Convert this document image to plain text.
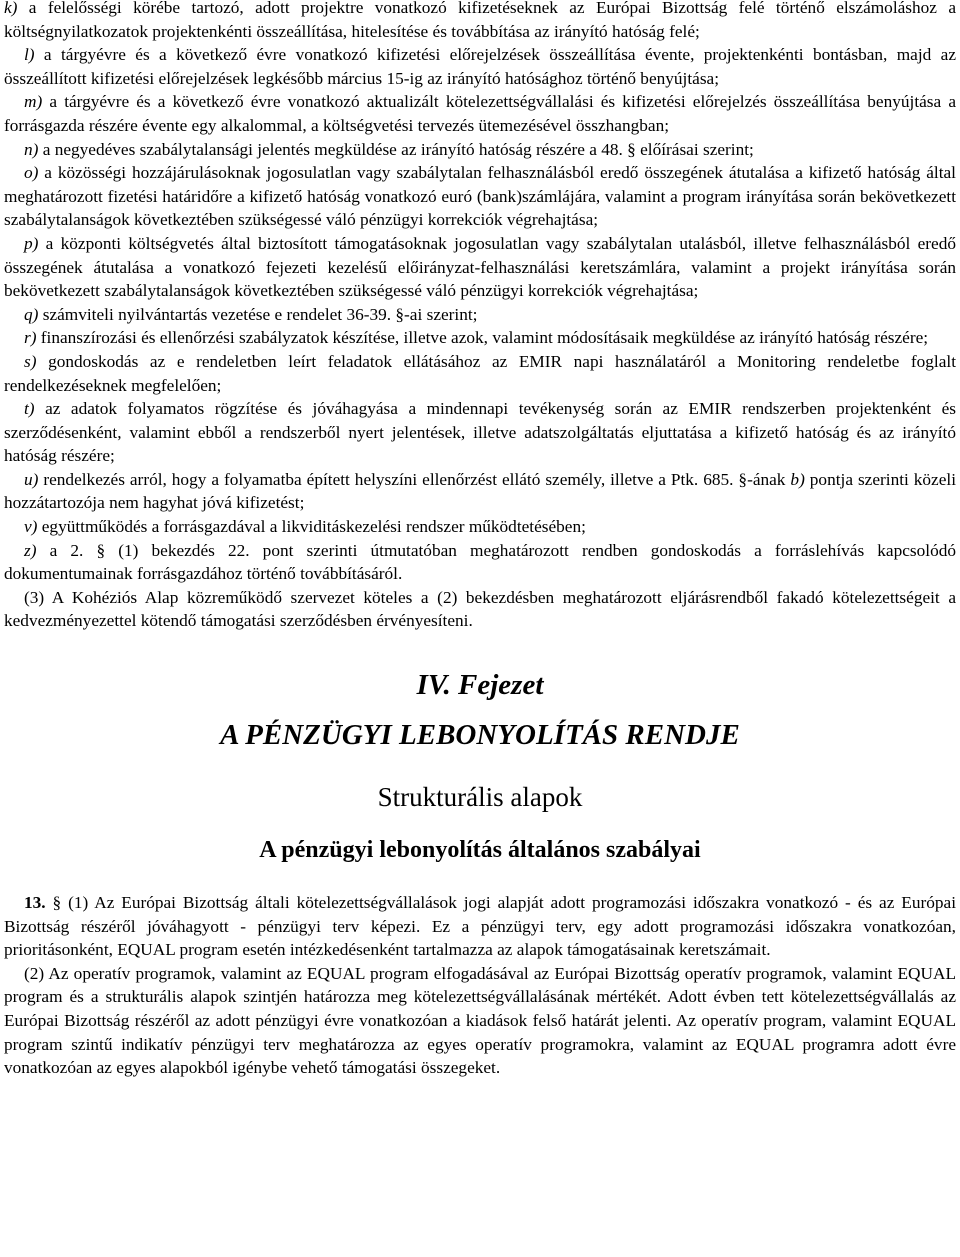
k) a felelősségi körébe tartozó, adott projektre vonatkozó kifizetéseknek az Európai Bizottság felé történő elszámoláshoz a költségnyilatkozatok projektenkénti összeállítása, hitelesítése és továbbítása az irányító hatóság felé;

l) a tárgyévre és a következő évre vonatkozó kifizetési előrejelzések összeállítása évente, projektenkénti bontásban, majd az összeállított kifizetési előrejelzések legkésőbb március 15-ig az irányító hatósághoz történő benyújtása;

m) a tárgyévre és a következő évre vonatkozó aktualizált kötelezettségvállalási és kifizetési előrejelzés összeállítása benyújtása a forrásgazda részére évente egy alkalommal, a költségvetési tervezés ütemezésével összhangban;

n) a negyedéves szabálytalansági jelentés megküldése az irányító hatóság részére a 48. § előírásai szerint;

o) a közösségi hozzájárulásoknak jogosulatlan vagy szabálytalan felhasználásból eredő összegének átutalása a kifizető hatóság által meghatározott fizetési határidőre a kifizető hatóság vonatkozó euró (bank)számlájára, valamint a program irányítása során bekövetkezett szabálytalanságok következtében szükségessé váló pénzügyi korrekciók végrehajtása;

p) a központi költségvetés által biztosított támogatásoknak jogosulatlan vagy szabálytalan utalásból, illetve felhasználásból eredő összegének átutalása a vonatkozó fejezeti kezelésű előirányzat-felhasználási keretszámlára, valamint a projekt irányítása során bekövetkezett szabálytalanságok következtében szükségessé váló pénzügyi korrekciók végrehajtása;

q) számviteli nyilvántartás vezetése e rendelet 36-39. §-ai szerint;

r) finanszírozási és ellenőrzési szabályzatok készítése, illetve azok, valamint módosításaik megküldése az irányító hatóság részére;

s) gondoskodás az e rendeletben leírt feladatok ellátásához az EMIR napi használatáról a Monitoring rendeletbe foglalt rendelkezéseknek megfelelően;

t) az adatok folyamatos rögzítése és jóváhagyása a mindennapi tevékenység során az EMIR rendszerben projektenként és szerződésenként, valamint ebből a rendszerből nyert jelentések, illetve adatszolgáltatás eljuttatása a kifizető hatóság és az irányító hatóság részére;

u) rendelkezés arról, hogy a folyamatba épített helyszíni ellenőrzést ellátó személy, illetve a Ptk. 685. §-ának b) pontja szerinti közeli hozzátartozója nem hagyhat jóvá kifizetést;

v) együttműködés a forrásgazdával a likviditáskezelési rendszer működtetésében;

z) a 2. § (1) bekezdés 22. pont szerinti útmutatóban meghatározott rendben gondoskodás a forráslehívás kapcsolódó dokumentumainak forrásgazdához történő továbbításáról.

(3) A Kohéziós Alap közreműködő szervezet köteles a (2) bekezdésben meghatározott eljárásrendből fakadó kötelezettségeit a kedvezményezettel kötendő támogatási szerződésben érvényesíteni.

IV. Fejezet
A PÉNZÜGYI LEBONYOLÍTÁS RENDJE
Strukturális alapok
A pénzügyi lebonyolítás általános szabályai

13. § (1) Az Európai Bizottság általi kötelezettségvállalások jogi alapját adott programozási időszakra vonatkozó - és az Európai Bizottság részéről jóváhagyott - pénzügyi terv képezi. Ez a pénzügyi terv, egy adott programozási időszakra vonatkozóan, prioritásonként, EQUAL program esetén intézkedésenként tartalmazza az alapok támogatásainak keretszámait.

(2) Az operatív programok, valamint az EQUAL program elfogadásával az Európai Bizottság operatív programok, valamint EQUAL program és a strukturális alapok szintjén határozza meg kötelezettségvállalásának mértékét. Adott évben tett kötelezettségvállalás az Európai Bizottság részéről az adott pénzügyi évre vonatkozóan a kiadások felső határát jelenti. Az operatív program, valamint EQUAL program szintű indikatív pénzügyi terv meghatározza az egyes operatív programokra, valamint az EQUAL programra adott évre vonatkozóan az egyes alapokból igénybe vehető támogatási összegeket.
